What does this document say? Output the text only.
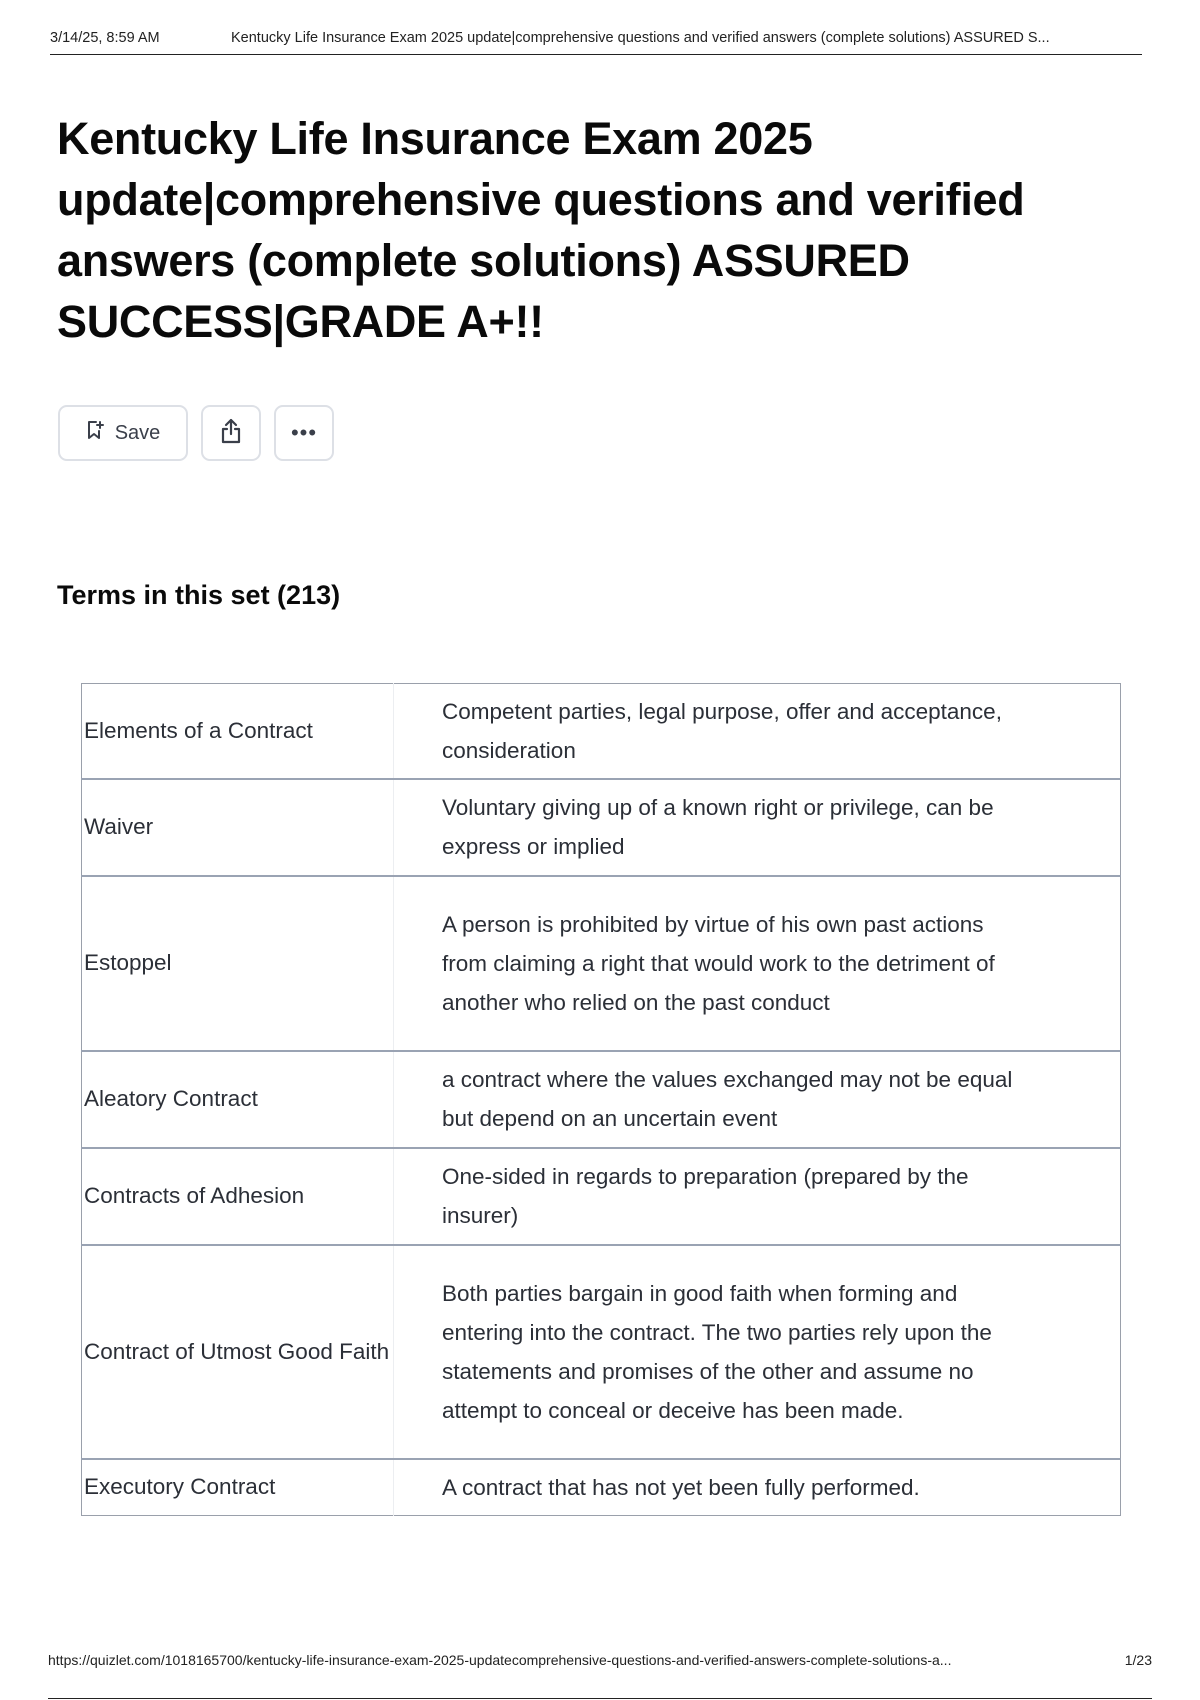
3/14/25, 8:59 AM	Kentucky Life Insurance Exam 2025 update|comprehensive questions and verified answers (complete solutions) ASSURED S...
Kentucky Life Insurance Exam 2025 update|comprehensive questions and verified answers (complete solutions) ASSURED SUCCESS|GRADE A+!!
Save	•••
Terms in this set (213)
Elements of a Contract	Competent parties, legal purpose, offer and acceptance, consideration
Waiver	Voluntary giving up of a known right or privilege, can be express or implied
Estoppel	A person is prohibited by virtue of his own past actions from claiming a right that would work to the detriment of another who relied on the past conduct
Aleatory Contract	a contract where the values exchanged may not be equal but depend on an uncertain event
Contracts of Adhesion	One-sided in regards to preparation (prepared by the insurer)
Contract of Utmost Good Faith	Both parties bargain in good faith when forming and entering into the contract. The two parties rely upon the statements and promises of the other and assume no attempt to conceal or deceive has been made.
Executory Contract	A contract that has not yet been fully performed.
https://quizlet.com/1018165700/kentucky-life-insurance-exam-2025-updatecomprehensive-questions-and-verified-answers-complete-solutions-a...	1/23
